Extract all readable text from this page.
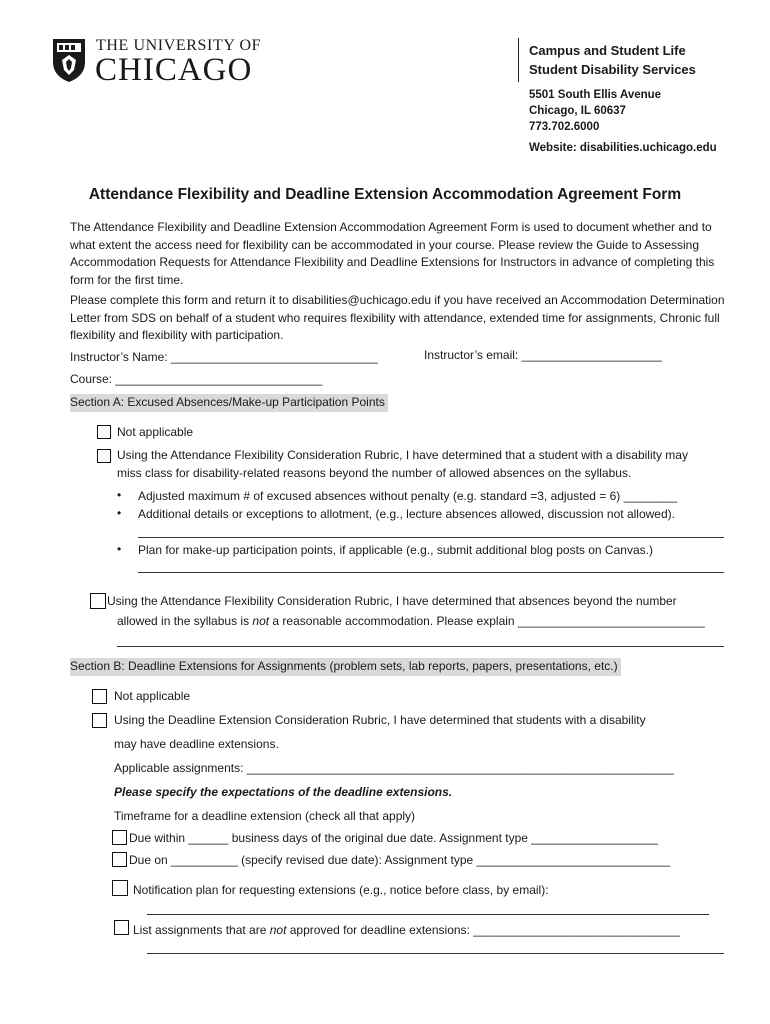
THE UNIVERSITY OF
CHICAGO
Campus and Student Life
Student Disability Services
5501 South Ellis Avenue
Chicago, IL 60637
773.702.6000
Website: disabilities.uchicago.edu
Attendance Flexibility and Deadline Extension Accommodation Agreement Form
The Attendance Flexibility and Deadline Extension Accommodation Agreement Form is used to document whether and to what extent the access need for flexibility can be accommodated in your course. Please review the Guide to Assessing Accommodation Requests for Attendance Flexibility and Deadline Extensions for Instructors in advance of completing this form for the first time.
Please complete this form and return it to disabilities@uchicago.edu if you have received an Accommodation Determination Letter from SDS on behalf of a student who requires flexibility with attendance, extended time for assignments, Chronic full flexibility and flexibility with participation.
Instructor’s Name: _______________________________	Instructor’s email: _____________________
Course: _______________________________
Section A: Excused Absences/Make-up Participation Points
Not applicable
Using the Attendance Flexibility Consideration Rubric, I have determined that a student with a disability may
miss class for disability-related reasons beyond the number of allowed absences on the syllabus.
• Adjusted maximum # of excused absences without penalty (e.g. standard =3, adjusted = 6) ________
• Additional details or exceptions to allotment, (e.g., lecture absences allowed, discussion not allowed).
• Plan for make-up participation points, if applicable (e.g., submit additional blog posts on Canvas.)
Using the Attendance Flexibility Consideration Rubric, I have determined that absences beyond the number
allowed in the syllabus is not a reasonable accommodation. Please explain ____________________________
Section B: Deadline Extensions for Assignments (problem sets, lab reports, papers, presentations, etc.)
Not applicable
Using the Deadline Extension Consideration Rubric, I have determined that students with a disability
may have deadline extensions.
Applicable assignments: ________________________________________________________________
Please specify the expectations of the deadline extensions.
Timeframe for a deadline extension (check all that apply)
Due within ______ business days of the original due date. Assignment type ___________________
Due on __________ (specify revised due date): Assignment type _____________________________
Notification plan for requesting extensions (e.g., notice before class, by email):
List assignments that are not approved for deadline extensions: _______________________________
